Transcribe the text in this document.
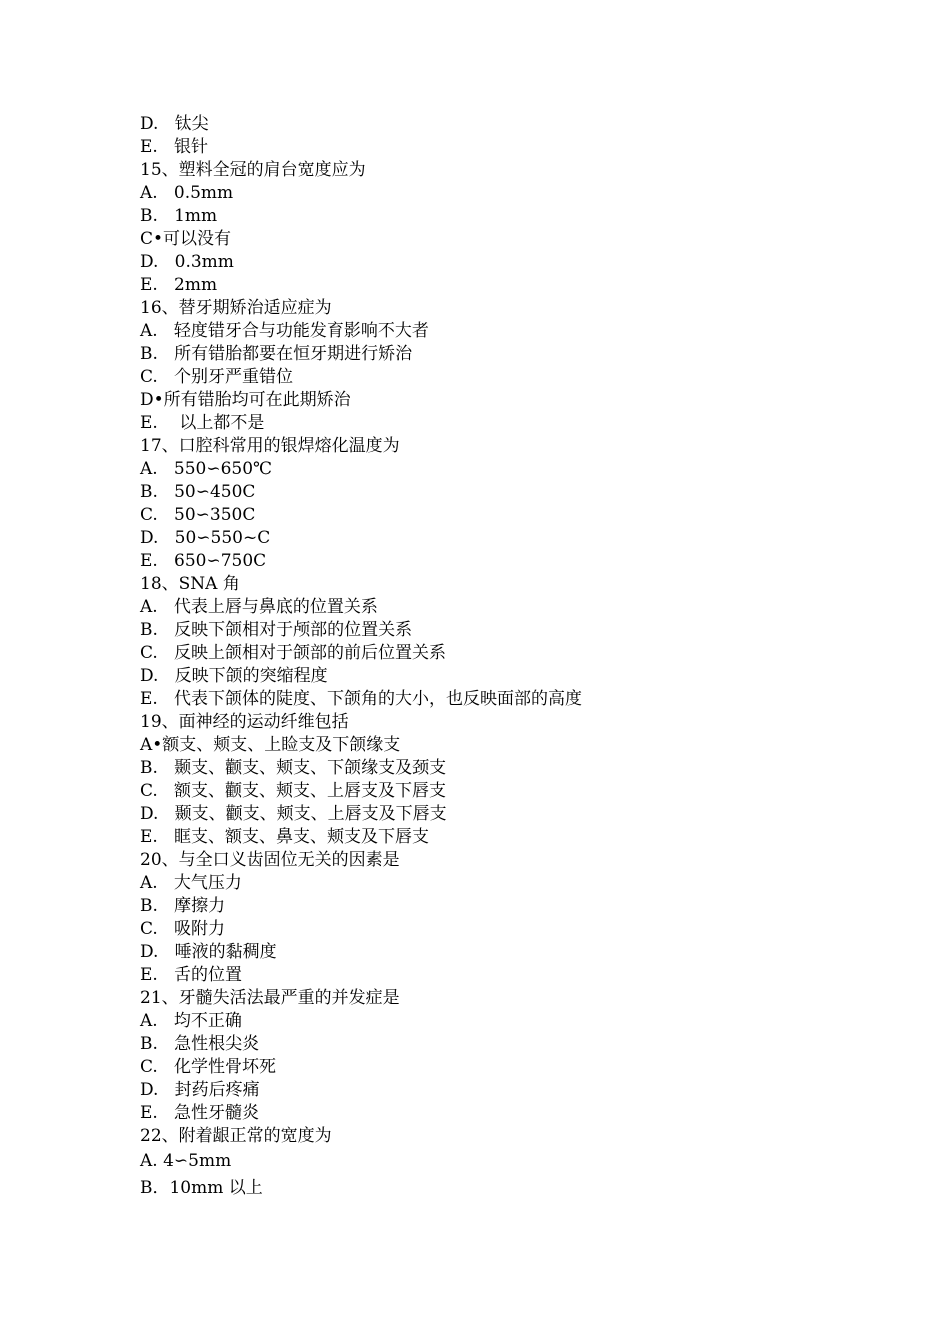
D.   钛尖
E.   银针
15、塑料全冠的肩台宽度应为
A.   0.5mm
B.   1mm
C•可以没有
D.   0.3mm
E.   2mm
16、替牙期矫治适应症为
A.   轻度错牙合与功能发育影响不大者
B.   所有错胎都要在恒牙期进行矫治
C.   个别牙严重错位
D•所有错胎均可在此期矫治
E.    以上都不是
17、口腔科常用的银焊熔化温度为
A.   550∽650℃
B.   50∽450C
C.   50∽350C
D.   50∽550~C
E.   650∽750C
18、SNA 角
A.   代表上唇与鼻底的位置关系
B.   反映下颌相对于颅部的位置关系
C.   反映上颌相对于颌部的前后位置关系
D.   反映下颌的突缩程度
E.   代表下颌体的陡度、下颌角的大小，也反映面部的高度
19、面神经的运动纤维包括
A•额支、颊支、上睑支及下颌缘支
B.   颞支、颧支、颊支、下颌缘支及颈支
C.   额支、颧支、颊支、上唇支及下唇支
D.   颞支、颧支、颊支、上唇支及下唇支
E.   眶支、额支、鼻支、颊支及下唇支
20、与全口义齿固位无关的因素是
A.   大气压力
B.   摩擦力
C.   吸附力
D.   唾液的黏稠度
E.   舌的位置
21、牙髓失活法最严重的并发症是
A.   均不正确
B.   急性根尖炎
C.   化学性骨坏死
D.   封药后疼痛
E.   急性牙髓炎
22、附着龈正常的宽度为
A. 4∽5mm
B．10mm 以上
